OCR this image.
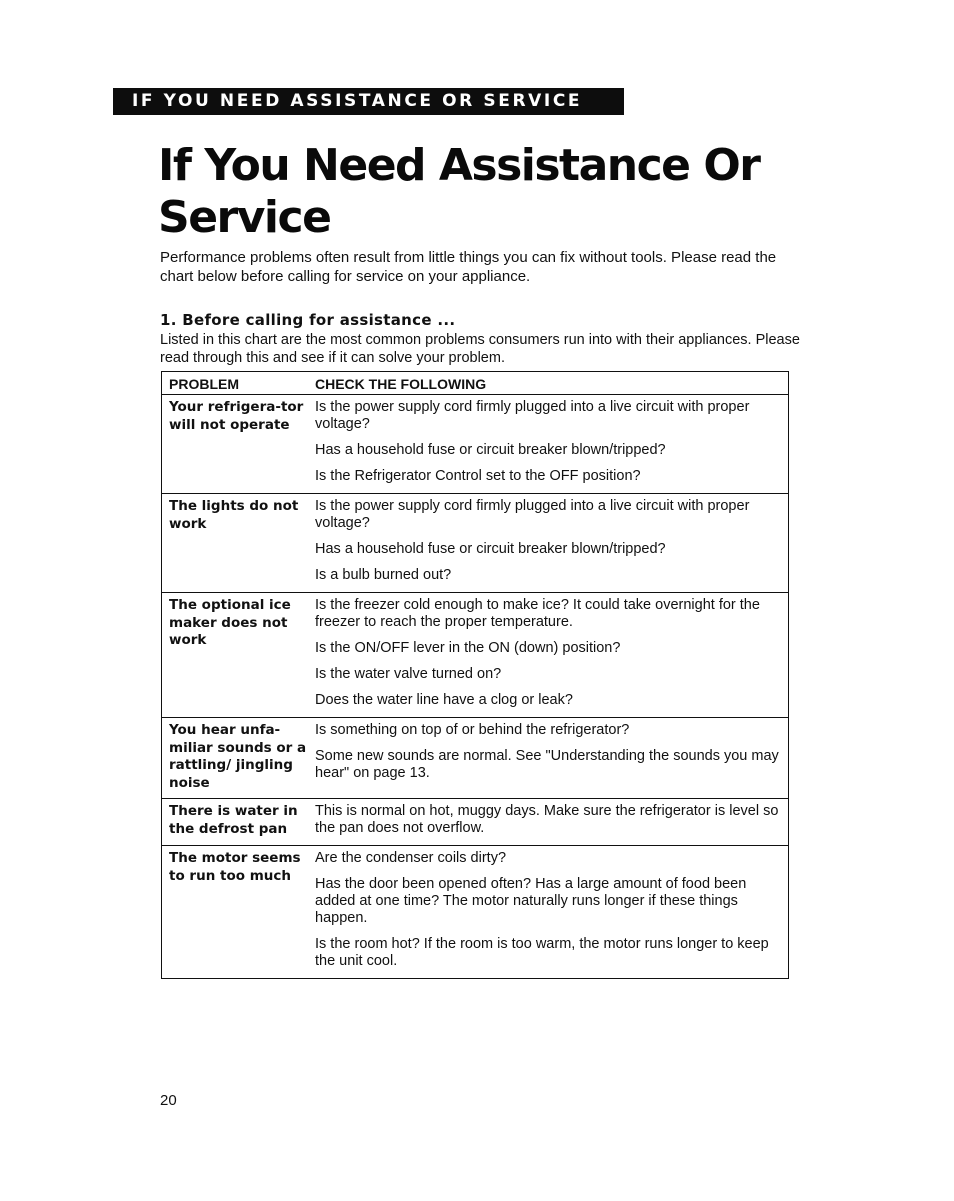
IF YOU NEED ASSISTANCE OR SERVICE
If You Need Assistance Or Service

Performance problems often result from little things you can fix without tools. Please read the chart below before calling for service on your appliance.

1. Before calling for assistance ...

Listed in this chart are the most common problems consumers run into with their appliances. Please read through this and see if it can solve your problem.

PROBLEM	CHECK THE FOLLOWING
Your refrigera-tor will not operate

Is the power supply cord firmly plugged into a live circuit with proper voltage?

Has a household fuse or circuit breaker blown/tripped?

Is the Refrigerator Control set to the OFF position?

The lights do not work

Is the power supply cord firmly plugged into a live circuit with proper voltage?

Has a household fuse or circuit breaker blown/tripped?

Is a bulb burned out?

The optional ice maker does not work

Is the freezer cold enough to make ice? It could take overnight for the freezer to reach the proper temperature.

Is the ON/OFF lever in the ON (down) position?

Is the water valve turned on?

Does the water line have a clog or leak?

You hear unfa-miliar sounds or a rattling/ jingling noise

Is something on top of or behind the refrigerator?

Some new sounds are normal. See "Understanding the sounds you may hear" on page 13.

There is water in the defrost pan

This is normal on hot, muggy days. Make sure the refrigerator is level so the pan does not overflow.

The motor seems to run too much

Are the condenser coils dirty?

Has the door been opened often? Has a large amount of food been added at one time? The motor naturally runs longer if these things happen.

Is the room hot? If the room is too warm, the motor runs longer to keep the unit cool.

20
